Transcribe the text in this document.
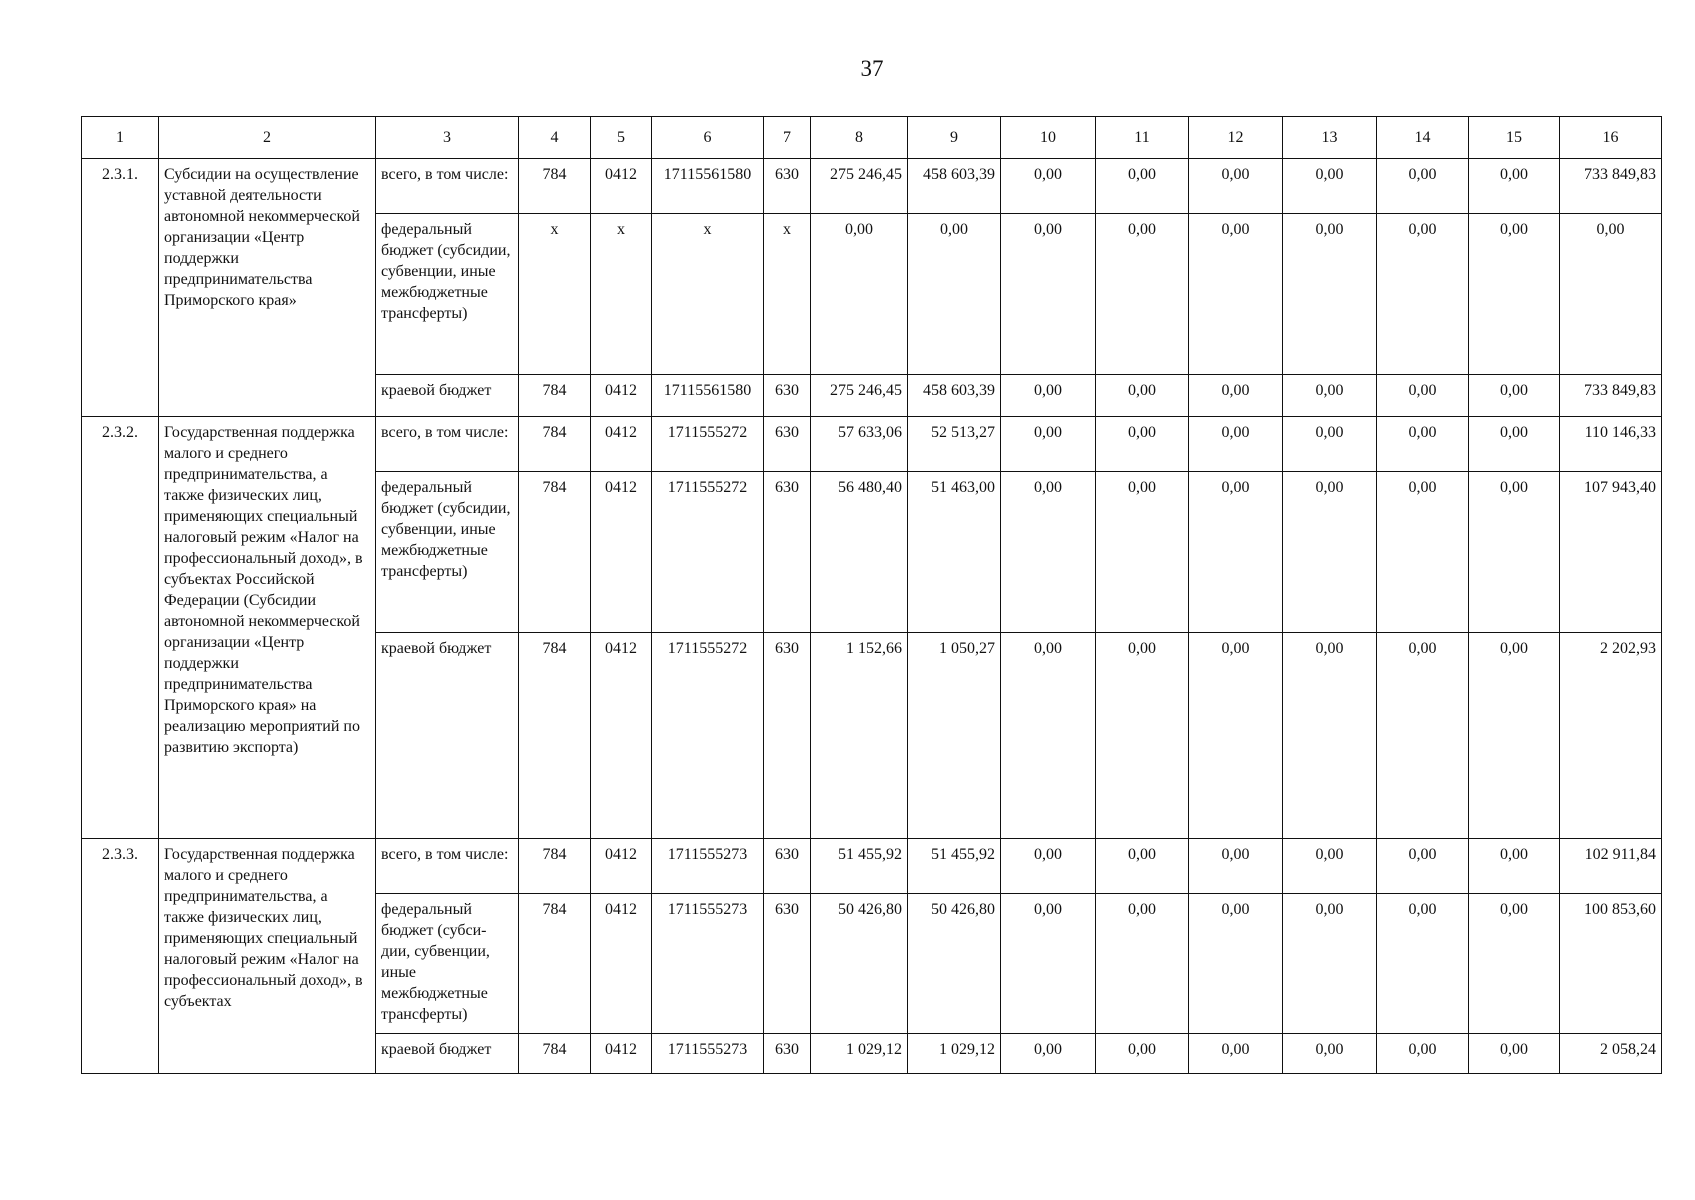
37
1	2	3	4	5	6	7	8	9	10	11	12	13	14	15	16
2.3.1.	Субсидии на осуществление уставной деятельности автономной некоммерческой организации «Центр поддержки предпринимательства Приморского края»	всего, в том числе:	784	0412	17115561580	630	275 246,45	458 603,39	0,00	0,00	0,00	0,00	0,00	0,00	733 849,83
		федеральный бюджет (субсидии, субвенции, иные межбюджетные трансферты)	x	x	x	x	0,00	0,00	0,00	0,00	0,00	0,00	0,00	0,00	0,00
		краевой бюджет	784	0412	17115561580	630	275 246,45	458 603,39	0,00	0,00	0,00	0,00	0,00	0,00	733 849,83
2.3.2.	Государственная поддержка малого и среднего предпринимательства, а также физических лиц, применяющих специальный налоговый режим «Налог на профессиональный доход», в субъектах Российской Федерации (Субсидии автономной некоммерческой организации «Центр поддержки предпринимательства Приморского края» на реализацию мероприятий по развитию экспорта)	всего, в том числе:	784	0412	1711555272	630	57 633,06	52 513,27	0,00	0,00	0,00	0,00	0,00	0,00	110 146,33
		федеральный бюджет (субсидии, субвенции, иные межбюджетные трансферты)	784	0412	1711555272	630	56 480,40	51 463,00	0,00	0,00	0,00	0,00	0,00	0,00	107 943,40
		краевой бюджет	784	0412	1711555272	630	1 152,66	1 050,27	0,00	0,00	0,00	0,00	0,00	0,00	2 202,93
2.3.3.	Государственная поддержка малого и среднего предпринимательства, а также физических лиц, применяющих специальный налоговый режим «Налог на профессиональный доход», в субъектах	всего, в том числе:	784	0412	1711555273	630	51 455,92	51 455,92	0,00	0,00	0,00	0,00	0,00	0,00	102 911,84
		федеральный бюджет (субси-дии, субвенции, иные межбюджетные трансферты)	784	0412	1711555273	630	50 426,80	50 426,80	0,00	0,00	0,00	0,00	0,00	0,00	100 853,60
		краевой бюджет	784	0412	1711555273	630	1 029,12	1 029,12	0,00	0,00	0,00	0,00	0,00	0,00	2 058,24
